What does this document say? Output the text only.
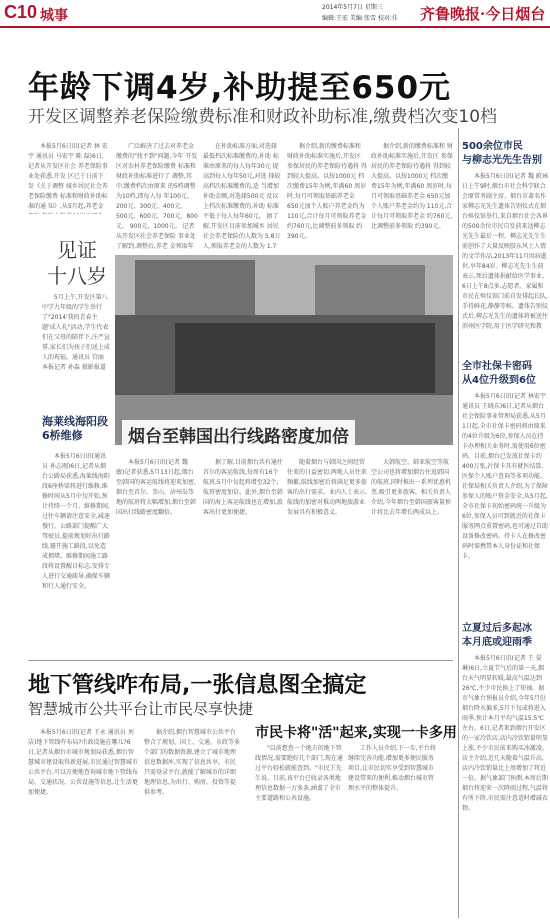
C10 城事
2014年5月7日 星期三
编辑:王宏 美编:张雪 校对:佳 齐鲁晚报·今日烟台
年龄下调4岁,补助提至650元
开发区调整养老保险缴费标准和财政补助标准,缴费档次变10档

本报5月6日讯(记者 林 宏宇 通讯员 马宏宇 陈 磊)6日,记者从开发区社会 养老保险事业处获悉,开发 区已于日前下发《关于调整 城乡居民社会养老保险缴费 标准和财政补助标准的通 知》,从5月起,养老金

广泛解决了过去对养老金 缴费的"找不到"问题,今年 开发区对农村养老保险缴费 标准和财政补助标准进行了 调整,其中,缴费档次由原来 的5档调整为10档,即每人每 年100元、200元、300元、400元、 500元、600元、700元、800元、 900元、1000元。 记者从开发区社会养老保险 事业处了解到,调整后,养老 金领取年

在补助标准方面,对选择 最低档次标准缴费的,补助 标准由原来的每人每年30元 提高到每人每年50元,对选 择较高档次标准缴费的,适 当增加补助金额,对选择500元 及以上档次标准缴费的,补助 标准不低于每人每年60元。 据了解,开发区目前参加城乡 居民社会养老保险的人数为 5.8万人,领取养老金的人数为 1.7

据介绍,新的缴费标准和 财政补助标准实施后,开发区 参保居民的养老保险待遇将 得到较大提高。以按1000元 档次缴费15年为例,年满60 周岁时,每月可领取基础养老金 650元加个人账户养老金约为 110元,合计每月可领取养老金 约760元,比调整前多领取 约390元。

据介绍,新的缴费标准和 财政补助标准实施后,开发区 参保居民的养老保险待遇将 得到较大提高。以按1000元 档次缴费15年为例,年满60 周岁时,每月可领取基础养老金 650元加个人账户养老金约为 110元,合计每月可领取养老金 约760元,比调整前多领取 约390元。

见证
十八岁

5月上午,开发区第八中学九年级的学生举行了"2014'我的青春主题'成人礼"活动,学生代表们在父母的陪伴下,庄严宣誓,家长们为孩子们送上成人的祝福。通讯员 宫丽 本报记者 孙淼 摄影报道

烟台至韩国出行线路密度加倍
海莱线海阳段
6桥维修

本报5月6日讯(通讯员 孙志刚)6日,记者从烟台公路局获悉,海莱线海阳段6座桥梁将进行维修,维修时间从5月中旬开始,预计持续一个月。维修期间,过往车辆请注意安全,减速慢行。公路部门提醒广大驾驶员,提前规划好出行路线,避开施工路段,以免造成拥堵。维修期间施工路段将设置醒目标志,安排专人进行交通疏导,确保车辆和行人通行安全。

本报5月6日讯(记者 魏 敏)记者获悉,5月13日起,烟台至韩国的客运航线将迎来加密,烟台至首尔、釜山、济州岛等地的航班将大幅增加,烟台至韩国出行线路密度翻倍。

据了解,目前烟台共有通往首尔的客运航线,每周有16个航班,5月中旬起将增至32个,航班密度加倍。此外,烟台至韩国的海上客运航线也在增加,旅客出行更加便捷。

随着烟台与韩国之间经贸往来的日益密切,两地人员往来频繁,航线加密后将满足更多旅客的出行需求。业内人士表示,航线的加密对推动两地旅游业发展具有积极意义。

大韩航空、韩亚航空等航空公司也将增加烟台往返韩国的航班,同时推出一系列优惠机票,吸引更多旅客。相关负责人介绍,今年烟台至韩国旅客量预计将比去年增长两成以上。

地下管线咋布局,一张信息图全搞定
智慧城市公共平台让市民尽享快捷

本报5月6日讯(记者 王永 通讯员 刘洁)地下管线咋布局?市政设施在哪儿?6日,记者从烟台市城市规划局获悉,烟台智慧城市建设取得新进展,市民通过智慧城市公共平台,可以方便地查询城市地下管线布局、交通状况、公共设施等信息,让生活更加便捷。

据介绍,烟台智慧城市公共平台整合了规划、国土、交通、市政等多个部门的数据资源,建立了城市地理信息数据库,实现了信息共享。市民只需登录平台,就能了解城市的详细地理信息,为出行、购房、投资等提供参考。

市民卡将"活"起来,实现一卡多用

"以前想查一个地方的地下管线情况,需要跑好几个部门,现在通过平台轻松就能查到。"市民王先生说。目前,该平台已收录各类地理信息数据一万多条,涵盖了全市主要道路和公共设施。

工作人员介绍,下一步,平台将继续完善功能,增加更多便民服务项目,让市民切实享受到智慧城市建设带来的便利,推动烟台城市管理水平的整体提升。

500余位市民
与柳志光先生告别

本报5月6日讯(记者 魏 蔚)6日上午9时,烟台市社会科学联合会原常务副主席、烟台市著名作家柳志光先生遗体告别仪式在烟台殡仪馆举行,来自烟台社会各界的500余位市民自发前来送柳志光先生最后一程。柳志光先生生前创作了大量反映胶东风土人情的文学作品,2013年11月因病逝世,享年84岁。柳志光先生生前表示,死后遗体捐献给医学事业。6日上午8点多,志愿者、家属和市民在殡仪馆门前自发排起长队,手持鲜花,静静等候。遗体告别仪式后,柳志光先生的遗体将被送往滨州医学院,用于医学研究和教

全市社保卡密码
从4位升级到6位

本报5月6日讯(记者 林宏宇 通讯员 王晓东)6日,记者从烟台社会保险事业管理局获悉,从5月1日起,全市社保卡密码将由原来的4位升级为6位,参保人员在持卡办理相关业务时,需使用6位密码。目前,烟台已发放社保卡约400万张,社保卡具有就医结算、医保个人账户查询等多项功能。社保局相关负责人介绍,为了保障参保人的账户资金安全,从5月起,全市社保卡初始密码统一升级为6位,参保人员可到就近的社保卡服务网点重置密码,也可通过自助设备修改密码。持卡人在修改密码时需携带本人身份证和社保卡。

立夏过后多起冰
本月底或迎雨季

本报5月6日讯(记者 王 晏 琳)6日,立夏节气后的第一天,烟台天气明显转暖,最高气温达到26℃,不少市民换上了短袖。据市气象台预报员介绍,今年5月份烟台降水偏多,5月下旬或将进入雨季,预计本月平均气温15.5℃左右。6日,记者来到烟台开发区的一家冷饮店,店内冷饮销量明显上涨,不少市民前来购买冰激凌。店主介绍,近几天随着气温升高,店内冷饮销量比上周增加了将近一倍。据气象部门预测,本周后期烟台将迎来一次降雨过程,气温将有所下降,市民需注意适时增减衣物。
